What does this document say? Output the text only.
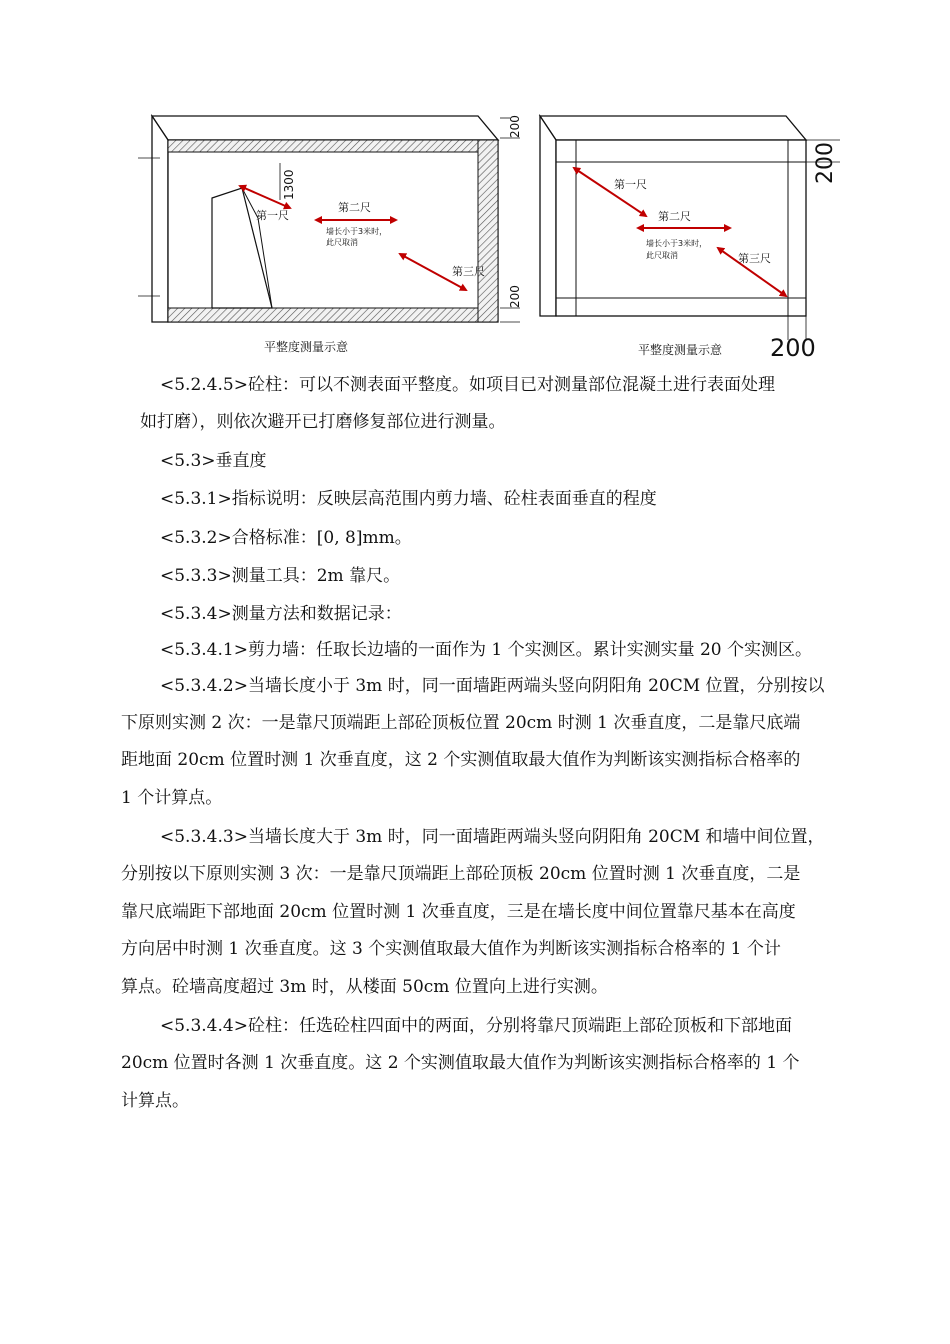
第一尺
第二尺
墙长小于3米时，
此尺取消
第三尺
200
1300
200
平整度测量示意
第一尺
第二尺
墙长小于3米时，
此尺取消	第三尺
200
200
平整度测量示意
<5.2.4.5>砼柱：可以不测表面平整度。如项目已对测量部位混凝土进行表面处理
如打磨），则依次避开已打磨修复部位进行测量。
<5.3>垂直度
<5.3.1>指标说明：反映层高范围内剪力墙、砼柱表面垂直的程度
<5.3.2>合格标准：[0, 8]mm。
<5.3.3>测量工具：2m 靠尺。
<5.3.4>测量方法和数据记录：
<5.3.4.1>剪力墙：任取长边墙的一面作为 1 个实测区。累计实测实量 20 个实测区。
<5.3.4.2>当墙长度小于 3m 时，同一面墙距两端头竖向阴阳角 20CM 位置，分别按以
下原则实测 2 次：一是靠尺顶端距上部砼顶板位置 20cm 时测 1 次垂直度，二是靠尺底端
距地面 20cm 位置时测 1 次垂直度，这 2 个实测值取最大值作为判断该实测指标合格率的
1 个计算点。
<5.3.4.3>当墙长度大于 3m 时，同一面墙距两端头竖向阴阳角 20CM 和墙中间位置，
分别按以下原则实测 3 次：一是靠尺顶端距上部砼顶板 20cm 位置时测 1 次垂直度，二是
靠尺底端距下部地面 20cm 位置时测 1 次垂直度，三是在墙长度中间位置靠尺基本在高度
方向居中时测 1 次垂直度。这 3 个实测值取最大值作为判断该实测指标合格率的 1 个计
算点。砼墙高度超过 3m 时，从楼面 50cm 位置向上进行实测。
<5.3.4.4>砼柱：任选砼柱四面中的两面，分别将靠尺顶端距上部砼顶板和下部地面
20cm 位置时各测 1 次垂直度。这 2 个实测值取最大值作为判断该实测指标合格率的 1 个
计算点。
